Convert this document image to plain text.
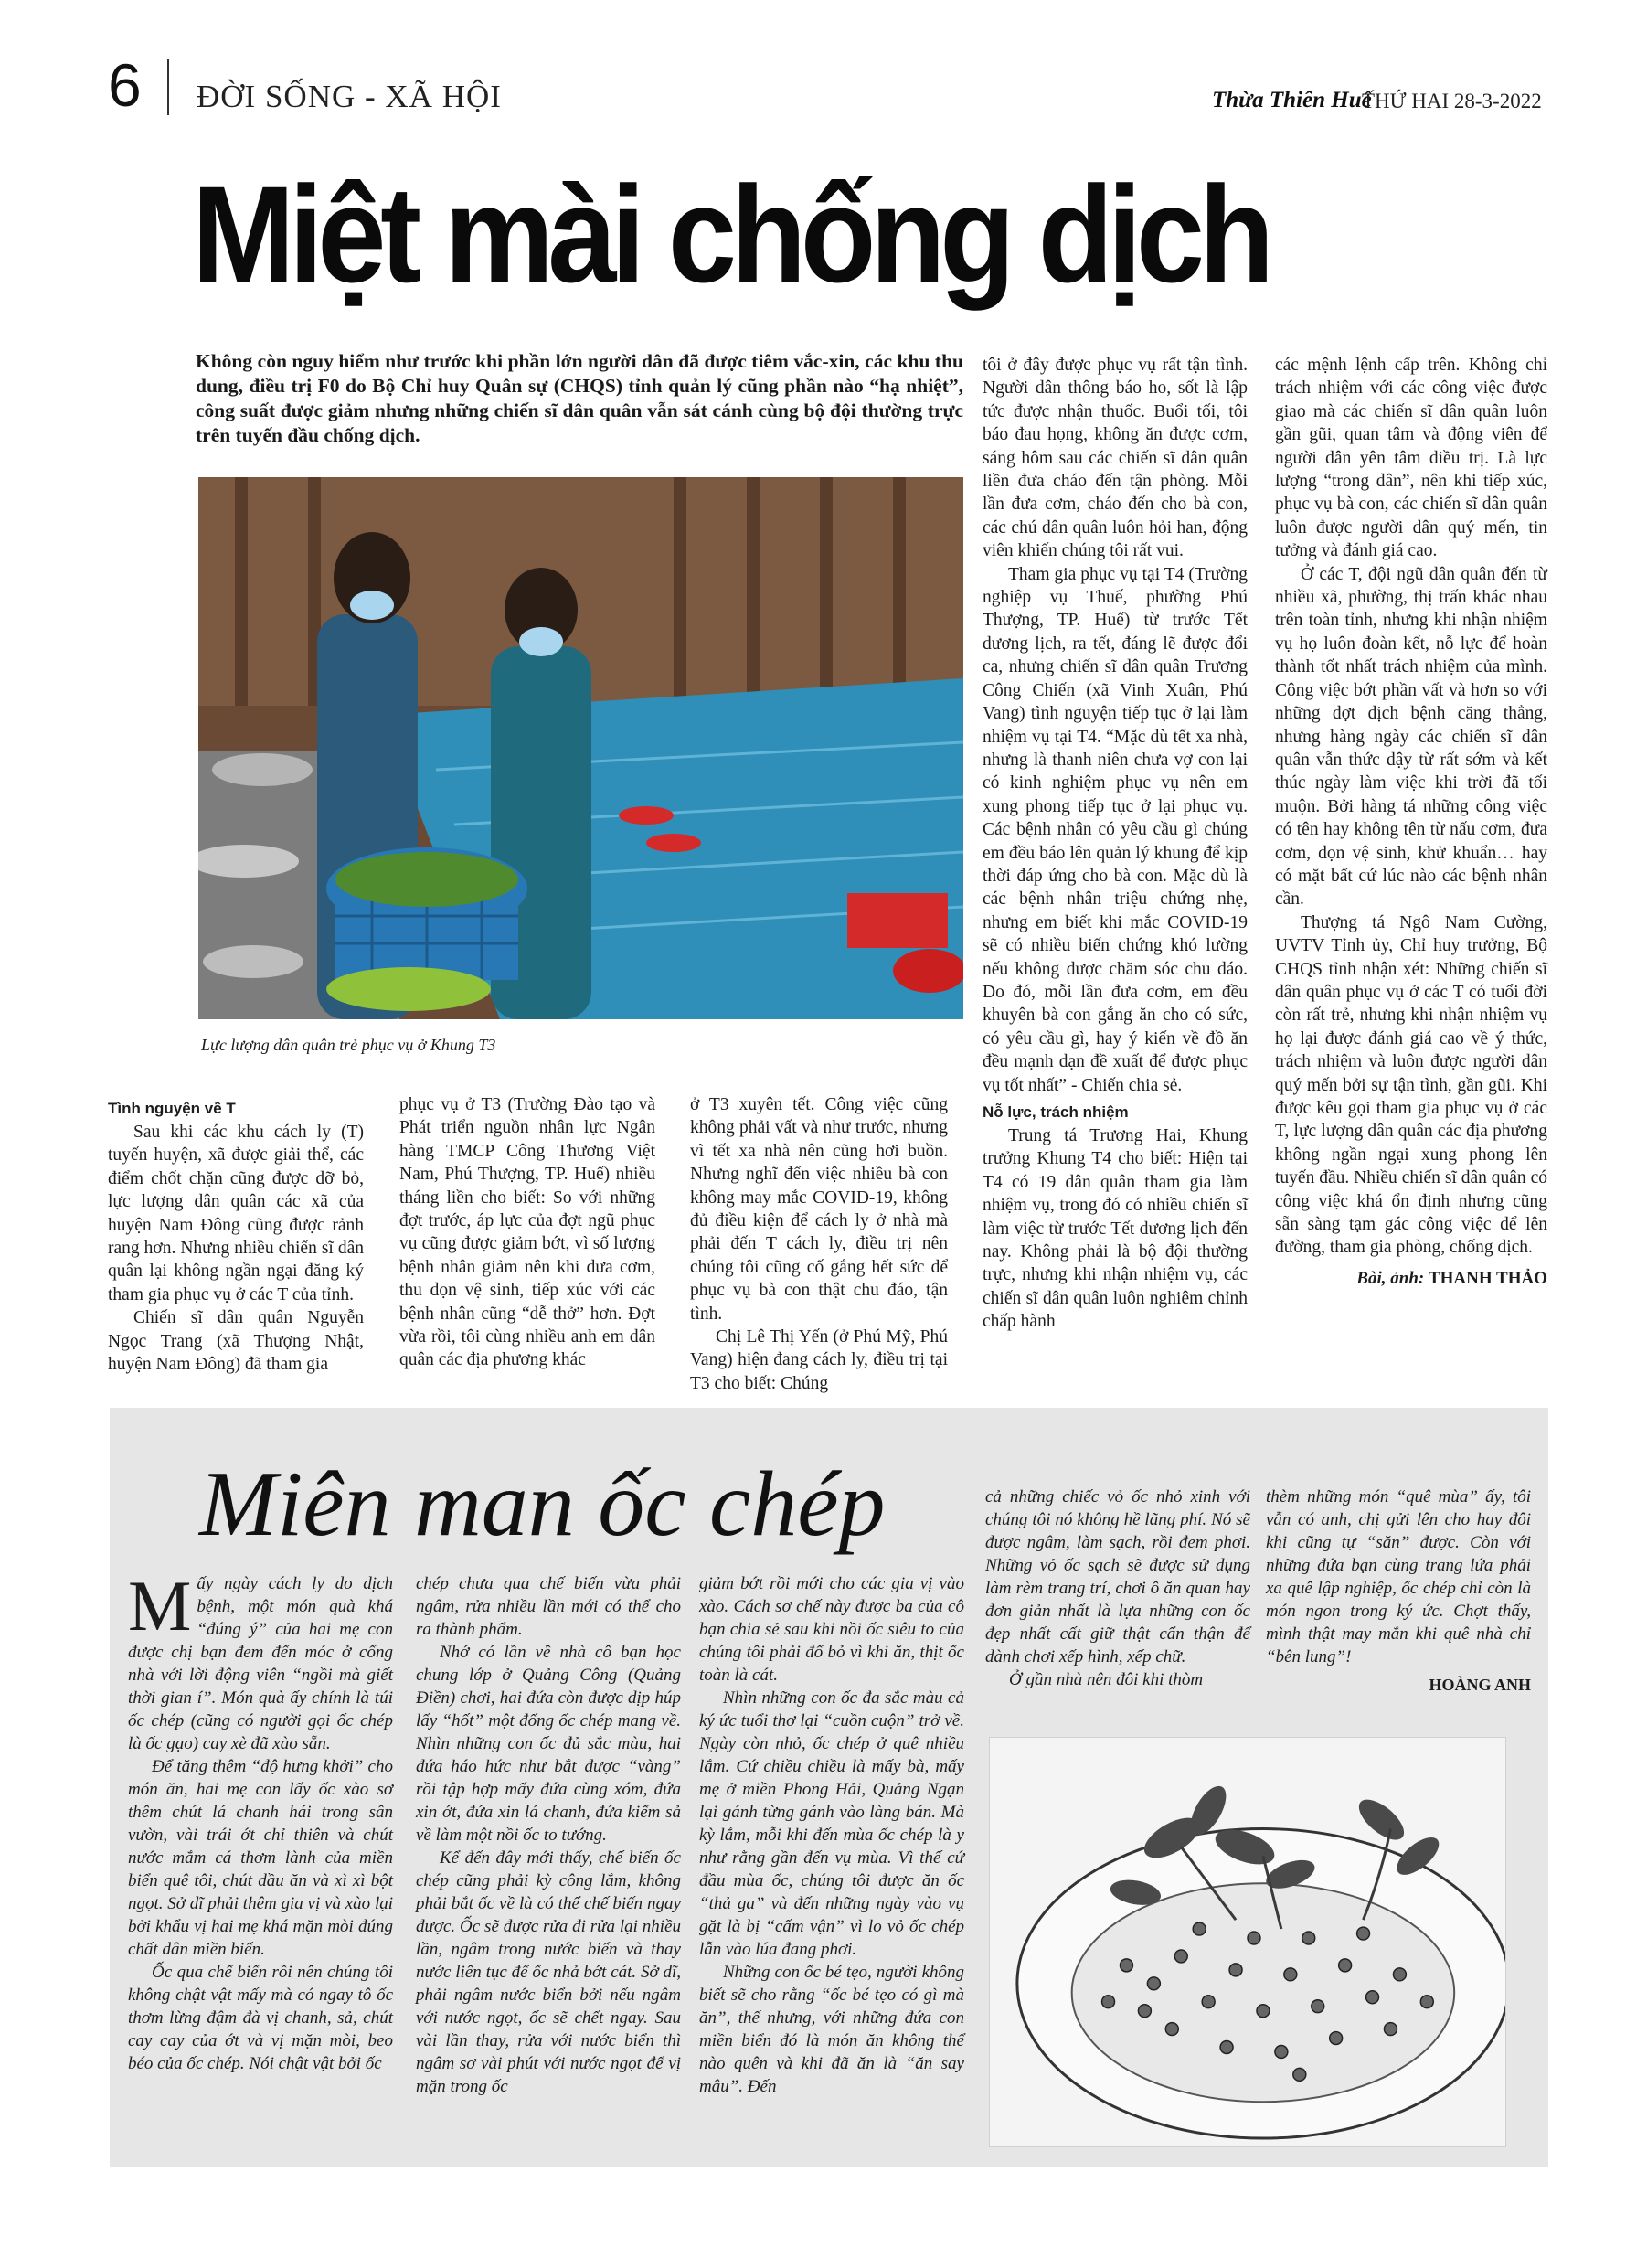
6 ĐỜI SỐNG - XÃ HỘI	Thừa Thiên Huế
THỨ HAI 28-3-2022
Miệt mài chống dịch
Không còn nguy hiểm như trước khi phần lớn người dân đã được tiêm vắc-xin, các khu thu dung, điều trị F0 do Bộ Chỉ huy Quân sự (CHQS) tỉnh quản lý cũng phần nào “hạ nhiệt”, công suất được giảm nhưng những chiến sĩ dân quân vẫn sát cánh cùng bộ đội thường trực trên tuyến đầu chống dịch.
Lực lượng dân quân trẻ phục vụ ở Khung T3

Tình nguyện về T

Sau khi các khu cách ly (T) tuyến huyện, xã được giải thể, các điểm chốt chặn cũng được dỡ bỏ, lực lượng dân quân các xã của huyện Nam Đông cũng được rảnh rang hơn. Nhưng nhiều chiến sĩ dân quân lại không ngần ngại đăng ký tham gia phục vụ ở các T của tỉnh.

Chiến sĩ dân quân Nguyễn Ngọc Trang (xã Thượng Nhật, huyện Nam Đông) đã tham gia

phục vụ ở T3 (Trường Đào tạo và Phát triển nguồn nhân lực Ngân hàng TMCP Công Thương Việt Nam, Phú Thượng, TP. Huế) nhiều tháng liền cho biết: So với những đợt trước, áp lực của đợt ngũ phục vụ cũng được giảm bớt, vì số lượng bệnh nhân giảm nên khi đưa cơm, thu dọn vệ sinh, tiếp xúc với các bệnh nhân cũng “dễ thở” hơn. Đợt vừa rồi, tôi cùng nhiều anh em dân quân các địa phương khác

ở T3 xuyên tết. Công việc cũng không phải vất và như trước, nhưng vì tết xa nhà nên cũng hơi buồn. Nhưng nghĩ đến việc nhiều bà con không may mắc COVID-19, không đủ điều kiện để cách ly ở nhà mà phải đến T cách ly, điều trị nên chúng tôi cũng cố gắng hết sức để phục vụ bà con thật chu đáo, tận tình.

Chị Lê Thị Yến (ở Phú Mỹ, Phú Vang) hiện đang cách ly, điều trị tại T3 cho biết: Chúng

tôi ở đây được phục vụ rất tận tình. Người dân thông báo ho, sốt là lập tức được nhận thuốc. Buổi tối, tôi báo đau họng, không ăn được cơm, sáng hôm sau các chiến sĩ dân quân liền đưa cháo đến tận phòng. Mỗi lần đưa cơm, cháo đến cho bà con, các chú dân quân luôn hỏi han, động viên khiến chúng tôi rất vui.

Tham gia phục vụ tại T4 (Trường nghiệp vụ Thuế, phường Phú Thượng, TP. Huế) từ trước Tết dương lịch, ra tết, đáng lẽ được đổi ca, nhưng chiến sĩ dân quân Trương Công Chiến (xã Vinh Xuân, Phú Vang) tình nguyện tiếp tục ở lại làm nhiệm vụ tại T4. “Mặc dù tết xa nhà, nhưng là thanh niên chưa vợ con lại có kinh nghiệm phục vụ nên em xung phong tiếp tục ở lại phục vụ. Các bệnh nhân có yêu cầu gì chúng em đều báo lên quản lý khung để kịp thời đáp ứng cho bà con. Mặc dù là các bệnh nhân triệu chứng nhẹ, nhưng em biết khi mắc COVID-19 sẽ có nhiều biến chứng khó lường nếu không được chăm sóc chu đáo. Do đó, mỗi lần đưa cơm, em đều khuyên bà con gắng ăn cho có sức, có yêu cầu gì, hay ý kiến về đồ ăn đều mạnh dạn đề xuất để được phục vụ tốt nhất” - Chiến chia sẻ.

Nỗ lực, trách nhiệm

Trung tá Trương Hai, Khung trưởng Khung T4 cho biết: Hiện tại T4 có 19 dân quân tham gia làm nhiệm vụ, trong đó có nhiều chiến sĩ làm việc từ trước Tết dương lịch đến nay. Không phải là bộ đội thường trực, nhưng khi nhận nhiệm vụ, các chiến sĩ dân quân luôn nghiêm chỉnh chấp hành

các mệnh lệnh cấp trên. Không chỉ trách nhiệm với các công việc được giao mà các chiến sĩ dân quân luôn gần gũi, quan tâm và động viên để người dân yên tâm điều trị. Là lực lượng “trong dân”, nên khi tiếp xúc, phục vụ bà con, các chiến sĩ dân quân luôn được người dân quý mến, tin tưởng và đánh giá cao.

Ở các T, đội ngũ dân quân đến từ nhiều xã, phường, thị trấn khác nhau trên toàn tỉnh, nhưng khi nhận nhiệm vụ họ luôn đoàn kết, nỗ lực để hoàn thành tốt nhất trách nhiệm của mình. Công việc bớt phần vất và hơn so với những đợt dịch bệnh căng thẳng, nhưng hàng ngày các chiến sĩ dân quân vẫn thức dậy từ rất sớm và kết thúc ngày làm việc khi trời đã tối muộn. Bởi hàng tá những công việc có tên hay không tên từ nấu cơm, đưa cơm, dọn vệ sinh, khử khuẩn… hay có mặt bất cứ lúc nào các bệnh nhân cần.

Thượng tá Ngô Nam Cường, UVTV Tỉnh ủy, Chỉ huy trưởng, Bộ CHQS tỉnh nhận xét: Những chiến sĩ dân quân phục vụ ở các T có tuổi đời còn rất trẻ, nhưng khi nhận nhiệm vụ họ lại được đánh giá cao về ý thức, trách nhiệm và luôn được người dân quý mến bởi sự tận tình, gần gũi. Khi được kêu gọi tham gia phục vụ ở các T, lực lượng dân quân các địa phương không ngần ngại xung phong lên tuyến đầu. Nhiều chiến sĩ dân quân có công việc khá ổn định nhưng cũng sẵn sàng tạm gác công việc để lên đường, tham gia phòng, chống dịch.

Bài, ảnh: THANH THẢO
Miên man ốc chép

Mấy ngày cách ly do dịch bệnh, một món quà khá “đúng ý” của hai mẹ con được chị bạn đem đến móc ở cổng nhà với lời động viên “ngồi mà giết thời gian í”. Món quà ấy chính là túi ốc chép (cũng có người gọi ốc chép là ốc gạo) cay xè đã xào sẵn.

Để tăng thêm “độ hưng khởi” cho món ăn, hai mẹ con lấy ốc xào sơ thêm chút lá chanh hái trong sân vườn, vài trái ớt chỉ thiên và chút nước mắm cá thơm lành của miền biển quê tôi, chút dầu ăn và xì xì bột ngọt. Sở dĩ phải thêm gia vị và xào lại bởi khẩu vị hai mẹ khá mặn mòi đúng chất dân miền biển.

Ốc qua chế biến rồi nên chúng tôi không chật vật mấy mà có ngay tô ốc thơm lừng đậm đà vị chanh, sả, chút cay cay của ớt và vị mặn mòi, beo béo của ốc chép. Nói chật vật bởi ốc

chép chưa qua chế biến vừa phải ngâm, rửa nhiều lần mới có thể cho ra thành phẩm.

Nhớ có lần về nhà cô bạn học chung lớp ở Quảng Công (Quảng Điền) chơi, hai đứa còn được dịp húp lấy “hốt” một đống ốc chép mang về. Nhìn những con ốc đủ sắc màu, hai đứa háo hức như bắt được “vàng” rồi tập hợp mấy đứa cùng xóm, đứa xin ớt, đứa xin lá chanh, đứa kiếm sả về làm một nồi ốc to tướng.

Kể đến đây mới thấy, chế biến ốc chép cũng phải kỳ công lắm, không phải bắt ốc về là có thể chế biến ngay được. Ốc sẽ được rửa đi rửa lại nhiều lần, ngâm trong nước biển và thay nước liên tục để ốc nhả bớt cát. Sở dĩ, phải ngâm nước biển bởi nếu ngâm với nước ngọt, ốc sẽ chết ngay. Sau vài lần thay, rửa với nước biển thì ngâm sơ vài phút với nước ngọt để vị mặn trong ốc

giảm bớt rồi mới cho các gia vị vào xào. Cách sơ chế này được ba của cô bạn chia sẻ sau khi nồi ốc siêu to của chúng tôi phải đổ bỏ vì khi ăn, thịt ốc toàn là cát.

Nhìn những con ốc đa sắc màu cả ký ức tuổi thơ lại “cuồn cuộn” trở về. Ngày còn nhỏ, ốc chép ở quê nhiều lắm. Cứ chiều chiều là mấy bà, mấy mẹ ở miền Phong Hải, Quảng Ngạn lại gánh từng gánh vào làng bán. Mà kỳ lắm, mỗi khi đến mùa ốc chép là y như rằng gần đến vụ mùa. Vì thế cứ đầu mùa ốc, chúng tôi được ăn ốc “thả ga” và đến những ngày vào vụ gặt là bị “cấm vận” vì lo vỏ ốc chép lẫn vào lúa đang phơi.

Những con ốc bé tẹo, người không biết sẽ cho rằng “ốc bé tẹo có gì mà ăn”, thế nhưng, với những đứa con miền biển đó là món ăn không thể nào quên và khi đã ăn là “ăn say mâu”. Đến

cả những chiếc vỏ ốc nhỏ xinh với chúng tôi nó không hề lãng phí. Nó sẽ được ngâm, làm sạch, rồi đem phơi. Những vỏ ốc sạch sẽ được sử dụng làm rèm trang trí, chơi ô ăn quan hay đơn giản nhất là lựa những con ốc đẹp nhất cất giữ thật cẩn thận để dành chơi xếp hình, xếp chữ.

Ở gần nhà nên đôi khi thòm

thèm những món “quê mùa” ấy, tôi vẫn có anh, chị gửi lên cho hay đôi khi cũng tự “săn” được. Còn với những đứa bạn cùng trang lứa phải xa quê lập nghiệp, ốc chép chỉ còn là món ngon trong ký ức. Chợt thấy, mình thật may mắn khi quê nhà chỉ “bên lung”!

HOÀNG ANH
